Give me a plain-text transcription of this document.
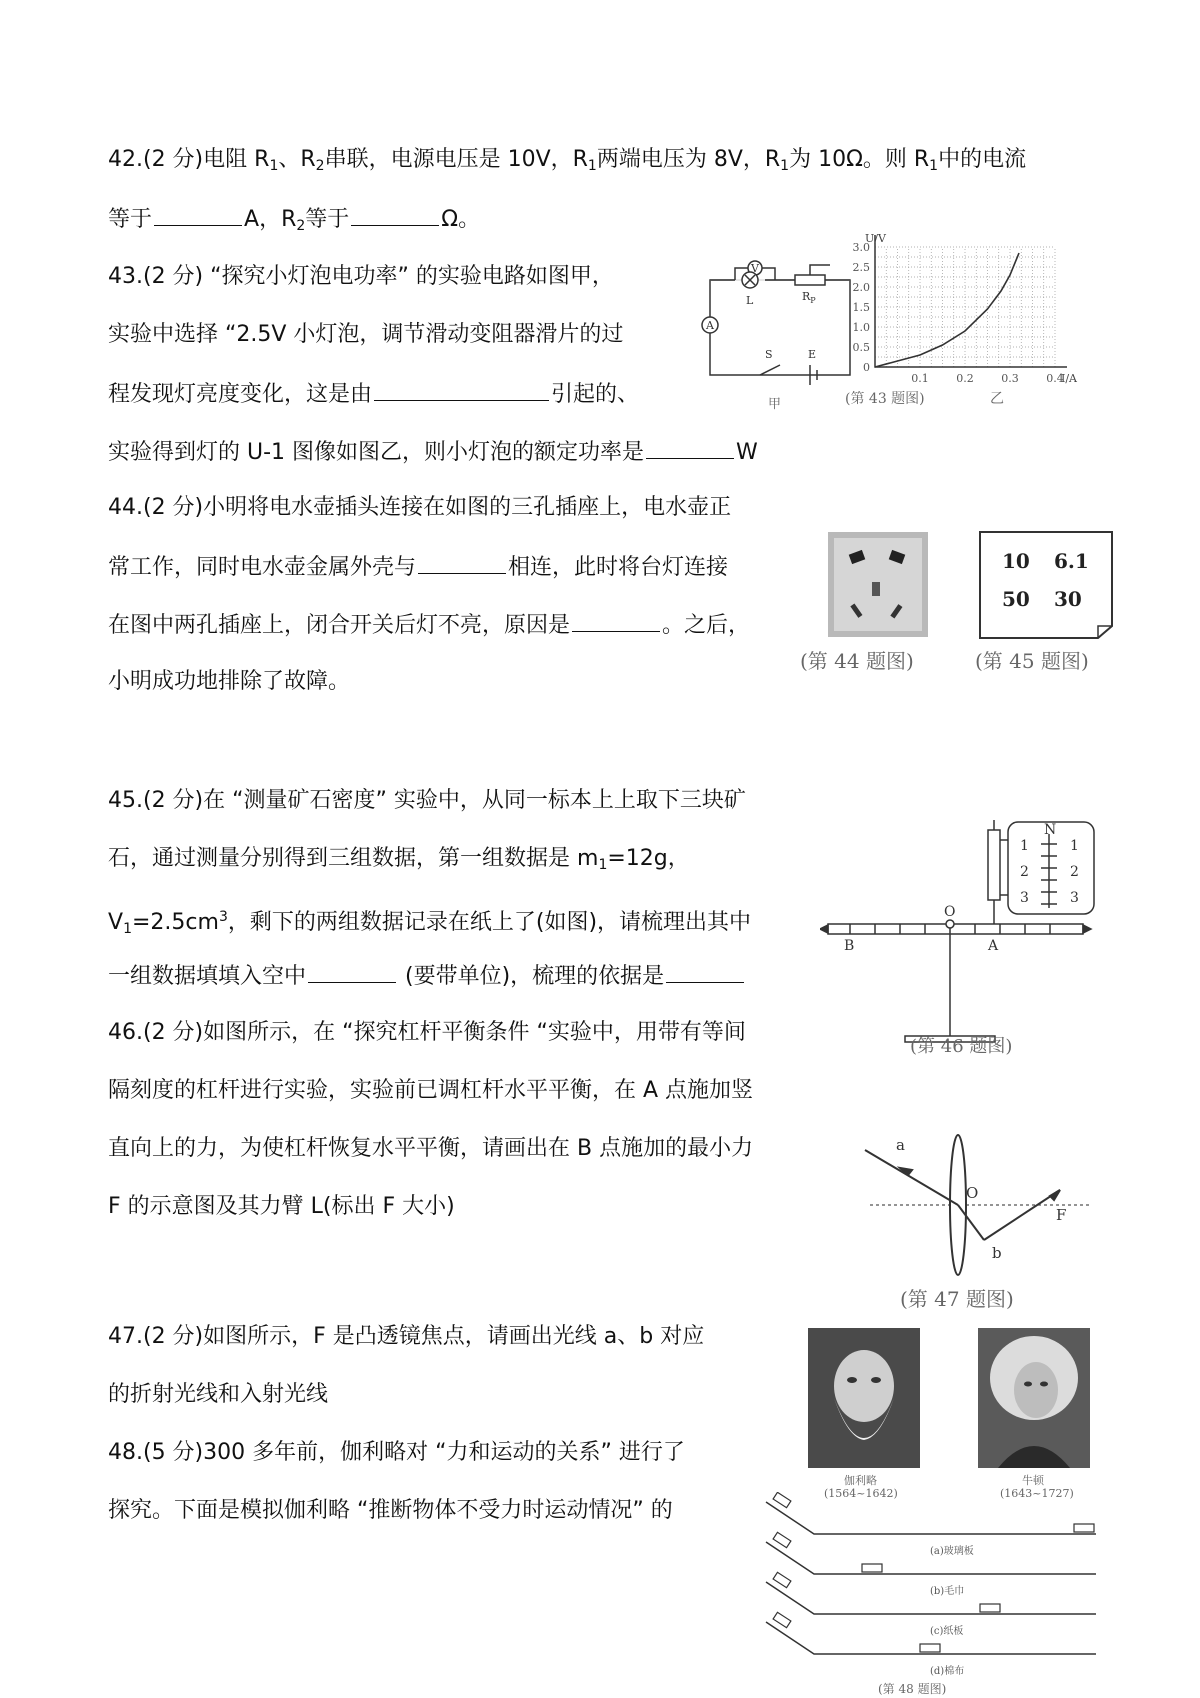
42.(2 分)电阻 $R_1$、$R_2$串联，电源电压是 10V，$R_1$两端电压为 8V，$R_1$为 10Ω。则 $R_1$中的电流
等于	A，$R_2$等于	Ω。
43.(2 分) “探究小灯泡电功率” 的实验电路如图甲，
实验中选择 “2.5V 小灯泡，调节滑动变阻器滑片的过
程发现灯亮度变化，这是由	引起的、
实验得到灯的 U-1 图像如图乙，则小灯泡的额定功率是	W
V
A
L	$R_P$
S	E
甲
0
0.5
1.0
1.5
2.0
2.5
3.0
0.1	0.2	0.3	0.4
U/V
I/A
(第 43 题图)	乙
44.(2 分)小明将电水壶插头连接在如图的三孔插座上，电水壶正
常工作，同时电水壶金属外壳与	相连，此时将台灯连接
在图中两孔插座上，闭合开关后灯不亮，原因是	。之后，
小明成功地排除了故障。
(第 44 题图)
10 6.1
50 30
(第 45 题图)
45.(2 分)在 “测量矿石密度” 实验中，从同一标本上上取下三块矿
石，通过测量分别得到三组数据，第一组数据是 $m_1=12g$，
$V_1=2.5cm^3$，剩下的两组数据记录在纸上了(如图)，请梳理出其中
一组数据填填入空中	(要带单位)，梳理的依据是
O
A
B
N
1
2
3
1
2
3
(第 46 题图)
46.(2 分)如图所示，在 “探究杠杆平衡条件 “实验中，用带有等间
隔刻度的杠杆进行实验，实验前已调杠杆水平平衡，在 A 点施加竖
直向上的力，为使杠杆恢复水平平衡，请画出在 B 点施加的最小力
F 的示意图及其力臂 L(标出 F 大小)
a
O
F
b
(第 47 题图)
47.(2 分)如图所示，F 是凸透镜焦点，请画出光线 a、b 对应
的折射光线和入射光线
伽利略
(1564~1642)
牛顿
(1643~1727)
(a)玻璃板
(b)毛巾
(c)纸板
(d)棉布
(第 48 题图)
48.(5 分)300 多年前，伽利略对 “力和运动的关系” 进行了
探究。下面是模拟伽利略 “推断物体不受力时运动情况” 的
